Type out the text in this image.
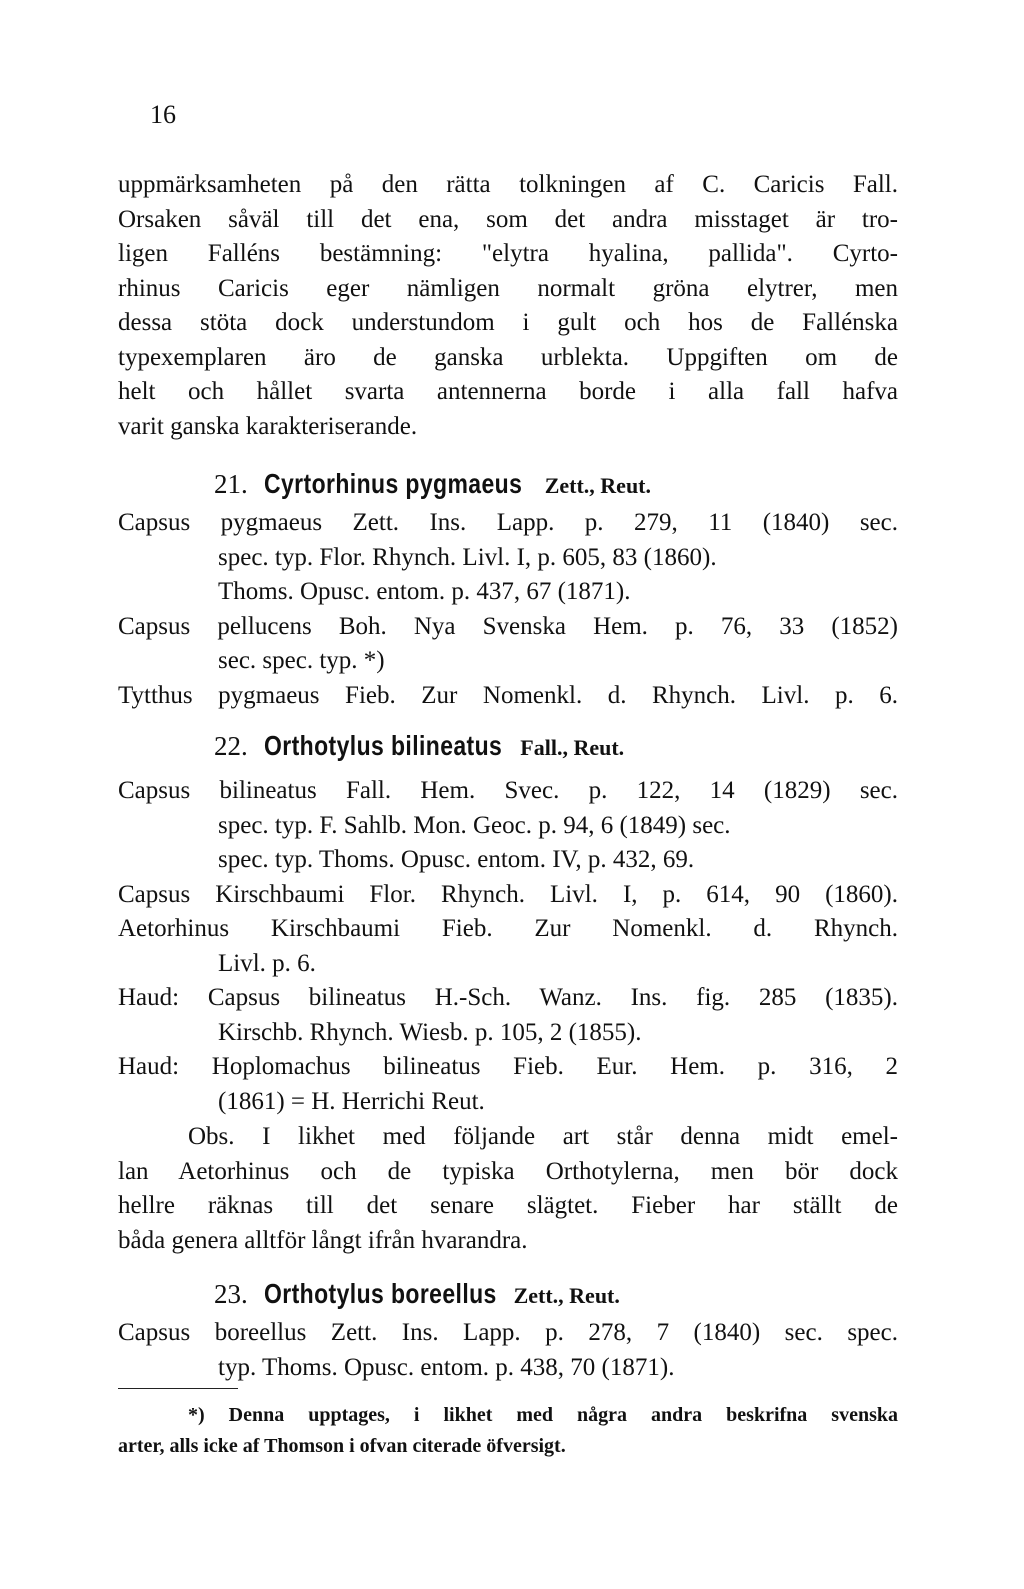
16
uppmärksamheten på den rätta tolkningen af C. Caricis Fall.
Orsaken såväl till det ena, som det andra misstaget är tro-
ligen Falléns bestämning: "elytra hyalina, pallida". Cyrto-
rhinus Caricis eger nämligen normalt gröna elytrer, men
dessa stöta dock understundom i gult och hos de Fallénska
typexemplaren äro de ganska urblekta. Uppgiften om de
helt och hållet svarta antennerna borde i alla fall hafva
varit ganska karakteriserande.
21. Cyrtorhinus pygmaeus Zett., Reut.
Capsus pygmaeus Zett. Ins. Lapp. p. 279, 11 (1840) sec.
spec. typ. Flor. Rhynch. Livl. I, p. 605, 83 (1860).
Thoms. Opusc. entom. p. 437, 67 (1871).
Capsus pellucens Boh. Nya Svenska Hem. p. 76, 33 (1852)
sec. spec. typ. *)
Tytthus pygmaeus Fieb. Zur Nomenkl. d. Rhynch. Livl. p. 6.
22. Orthotylus bilineatus Fall., Reut.
Capsus bilineatus Fall. Hem. Svec. p. 122, 14 (1829) sec.
spec. typ. F. Sahlb. Mon. Geoc. p. 94, 6 (1849) sec.
spec. typ. Thoms. Opusc. entom. IV, p. 432, 69.
Capsus Kirschbaumi Flor. Rhynch. Livl. I, p. 614, 90 (1860).
Aetorhinus Kirschbaumi Fieb. Zur Nomenkl. d. Rhynch.
Livl. p. 6.
Haud: Capsus bilineatus H.-Sch. Wanz. Ins. fig. 285 (1835).
Kirschb. Rhynch. Wiesb. p. 105, 2 (1855).
Haud: Hoplomachus bilineatus Fieb. Eur. Hem. p. 316, 2
(1861) = H. Herrichi Reut.
Obs. I likhet med följande art står denna midt emel-
lan Aetorhinus och de typiska Orthotylerna, men bör dock
hellre räknas till det senare slägtet. Fieber har ställt de
båda genera alltför långt ifrån hvarandra.
23. Orthotylus boreellus Zett., Reut.
Capsus boreellus Zett. Ins. Lapp. p. 278, 7 (1840) sec. spec.
typ. Thoms. Opusc. entom. p. 438, 70 (1871).
*) Denna upptages, i likhet med några andra beskrifna svenska
arter, alls icke af Thomson i ofvan citerade öfversigt.
